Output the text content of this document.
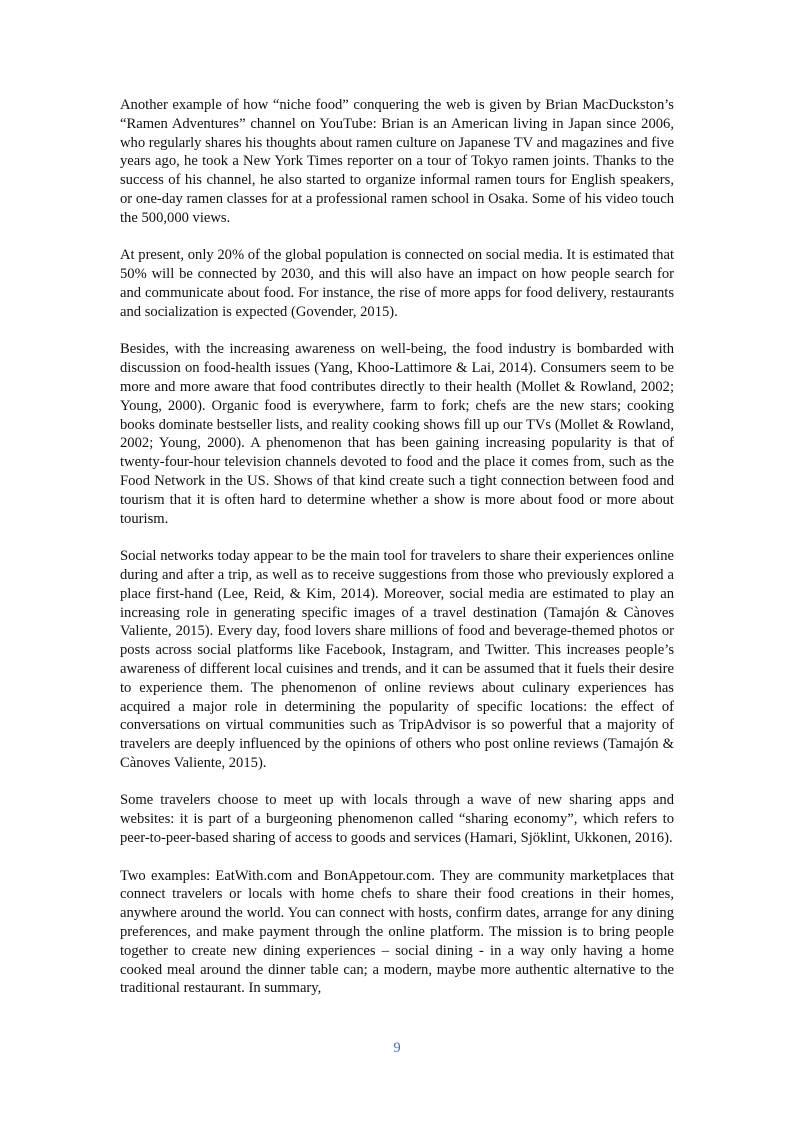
Another example of how “niche food” conquering the web is given by Brian MacDuckston’s “Ramen Adventures” channel on YouTube: Brian is an American living in Japan since 2006, who regularly shares his thoughts about ramen culture on Japanese TV and magazines and five years ago, he took a New York Times reporter on a tour of Tokyo ramen joints. Thanks to the success of his channel, he also started to organize informal ramen tours for English speakers, or one-day ramen classes for at a professional ramen school in Osaka. Some of his video touch the 500,000 views.

At present, only 20% of the global population is connected on social media. It is estimated that 50% will be connected by 2030, and this will also have an impact on how people search for and communicate about food. For instance, the rise of more apps for food delivery, restaurants and socialization is expected (Govender, 2015).

Besides, with the increasing awareness on well-being, the food industry is bombarded with discussion on food-health issues (Yang, Khoo-Lattimore & Lai, 2014). Consumers seem to be more and more aware that food contributes directly to their health (Mollet & Rowland, 2002; Young, 2000). Organic food is everywhere, farm to fork; chefs are the new stars; cooking books dominate bestseller lists, and reality cooking shows fill up our TVs (Mollet & Rowland, 2002; Young, 2000). A phenomenon that has been gaining increasing popularity is that of twenty-four-hour television channels devoted to food and the place it comes from, such as the Food Network in the US. Shows of that kind create such a tight connection between food and tourism that it is often hard to determine whether a show is more about food or more about tourism.

Social networks today appear to be the main tool for travelers to share their experiences online during and after a trip, as well as to receive suggestions from those who previously explored a place first-hand (Lee, Reid, & Kim, 2014). Moreover, social media are estimated to play an increasing role in generating specific images of a travel destination (Tamajón & Cànoves Valiente, 2015). Every day, food lovers share millions of food and beverage-themed photos or posts across social platforms like Facebook, Instagram, and Twitter. This increases people’s awareness of different local cuisines and trends, and it can be assumed that it fuels their desire to experience them. The phenomenon of online reviews about culinary experiences has acquired a major role in determining the popularity of specific locations: the effect of conversations on virtual communities such as TripAdvisor is so powerful that a majority of travelers are deeply influenced by the opinions of others who post online reviews (Tamajón & Cànoves Valiente, 2015).

Some travelers choose to meet up with locals through a wave of new sharing apps and websites: it is part of a burgeoning phenomenon called “sharing economy”, which refers to peer-to-peer-based sharing of access to goods and services (Hamari, Sjöklint, Ukkonen, 2016).

Two examples: EatWith.com and BonAppetour.com. They are community marketplaces that connect travelers or locals with home chefs to share their food creations in their homes, anywhere around the world. You can connect with hosts, confirm dates, arrange for any dining preferences, and make payment through the online platform. The mission is to bring people together to create new dining experiences – social dining - in a way only having a home cooked meal around the dinner table can; a modern, maybe more authentic alternative to the traditional restaurant. In summary,

9
